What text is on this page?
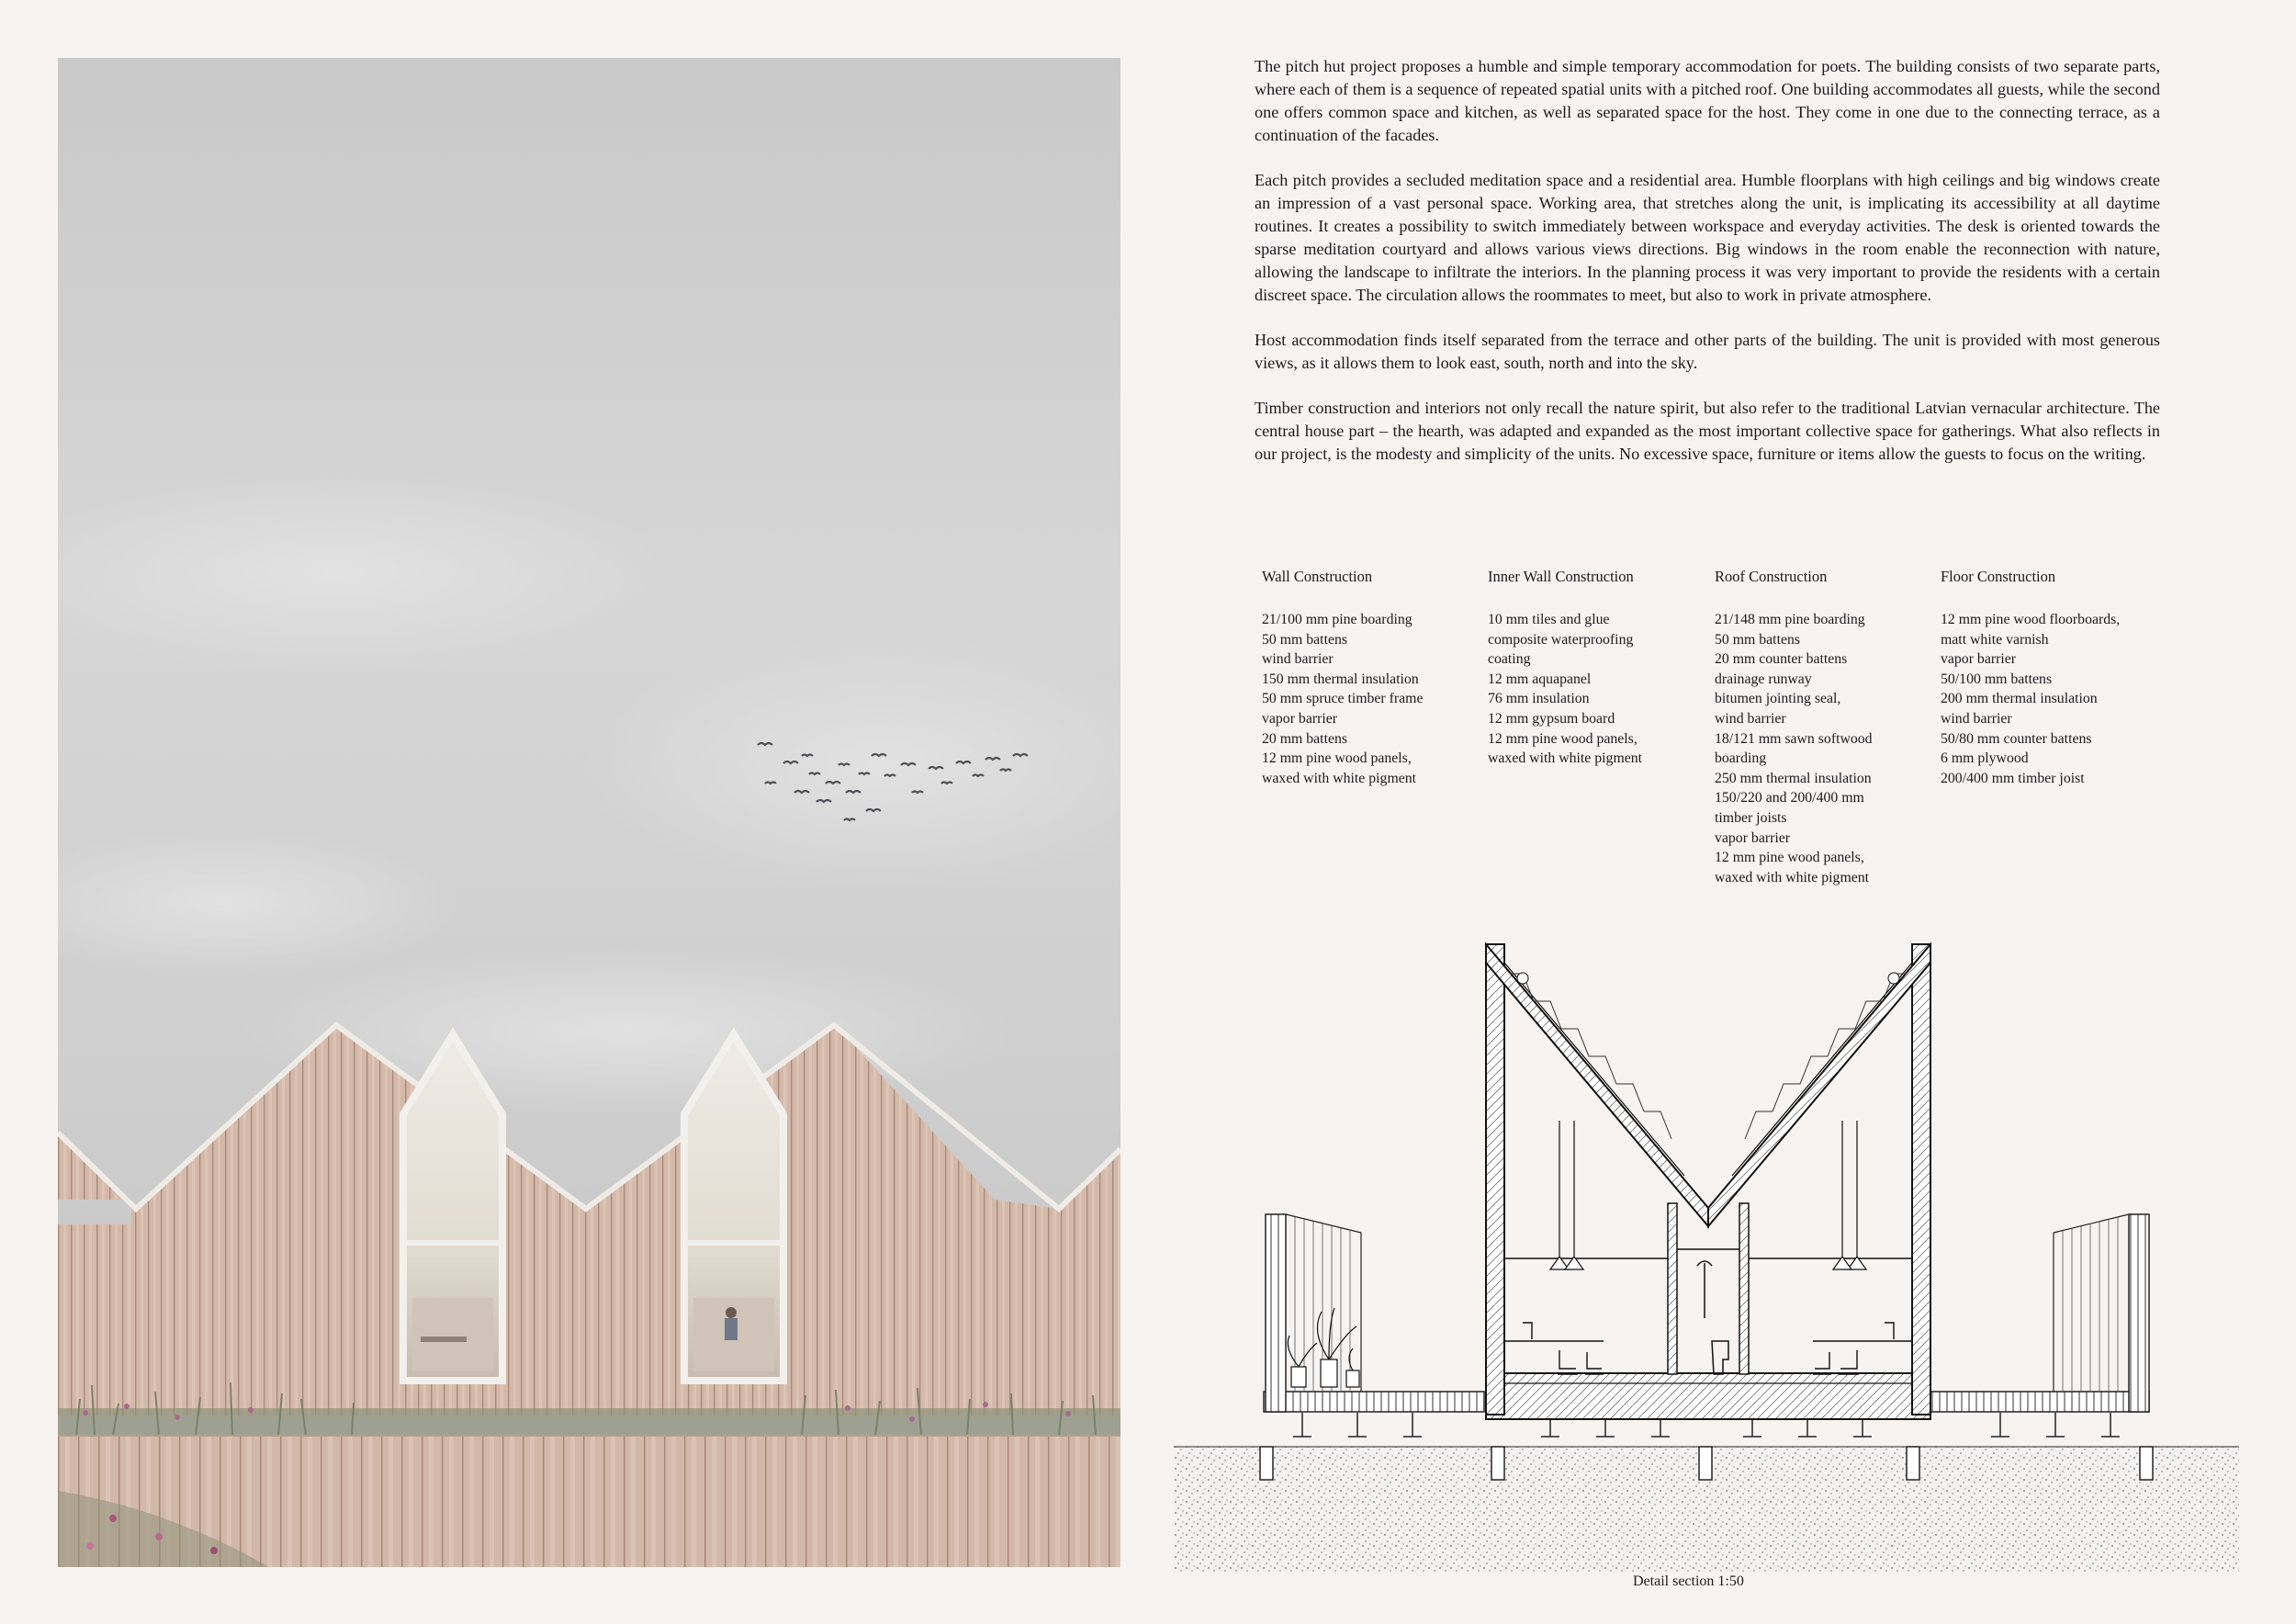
The pitch hut project proposes a humble and simple temporary accommodation for poets. The building consists of two separate parts, where each of them is a sequence of repeated spatial units with a pitched roof. One building accommodates all guests, while the second one offers common space and kitchen, as well as separated space for the host. They come in one due to the connecting terrace, as a continuation of the facades.

Each pitch provides a secluded meditation space and a residential area. Humble floorplans with high ceilings and big windows create an impression of a vast personal space. Working area, that stretches along the unit, is implicating its accessibility at all daytime routines. It creates a possibility to switch immediately between workspace and everyday activities. The desk is oriented towards the sparse meditation courtyard and allows various views directions. Big windows in the room enable the reconnection with nature, allowing the landscape to infiltrate the interiors. In the planning process it was very important to provide the residents with a certain discreet space. The circulation allows the roommates to meet, but also to work in private atmosphere.

Host accommodation finds itself separated from the terrace and other parts of the building. The unit is provided with most generous views, as it allows them to look east, south, north and into the sky.

Timber construction and interiors not only recall the nature spirit, but also refer to the traditional Latvian vernacular architecture. The central house part – the hearth, was adapted and expanded as the most important collective space for gatherings. What also reflects in our project, is the modesty and simplicity of the units. No excessive space, furniture or items allow the guests to focus on the writing.

Wall Construction
21/100 mm pine boarding
50 mm battens
wind barrier
150 mm thermal insulation
50 mm spruce timber frame
vapor barrier
20 mm battens
12 mm pine wood panels,
waxed with white pigment
Inner Wall Construction
10 mm tiles and glue
composite waterproofing
coating
12 mm aquapanel
76 mm insulation
12 mm gypsum board
12 mm pine wood panels,
waxed with white pigment
Roof Construction
21/148 mm pine boarding
50 mm battens
20 mm counter battens
drainage runway
bitumen jointing seal,
wind barrier
18/121 mm sawn softwood
boarding
250 mm thermal insulation
150/220 and 200/400 mm
timber joists
vapor barrier
12 mm pine wood panels,
waxed with white pigment
Floor Construction
12 mm pine wood floorboards,
matt white varnish
vapor barrier
50/100 mm battens
200 mm thermal insulation
wind barrier
50/80 mm counter battens
6 mm plywood
200/400 mm timber joist
Detail section 1:50
